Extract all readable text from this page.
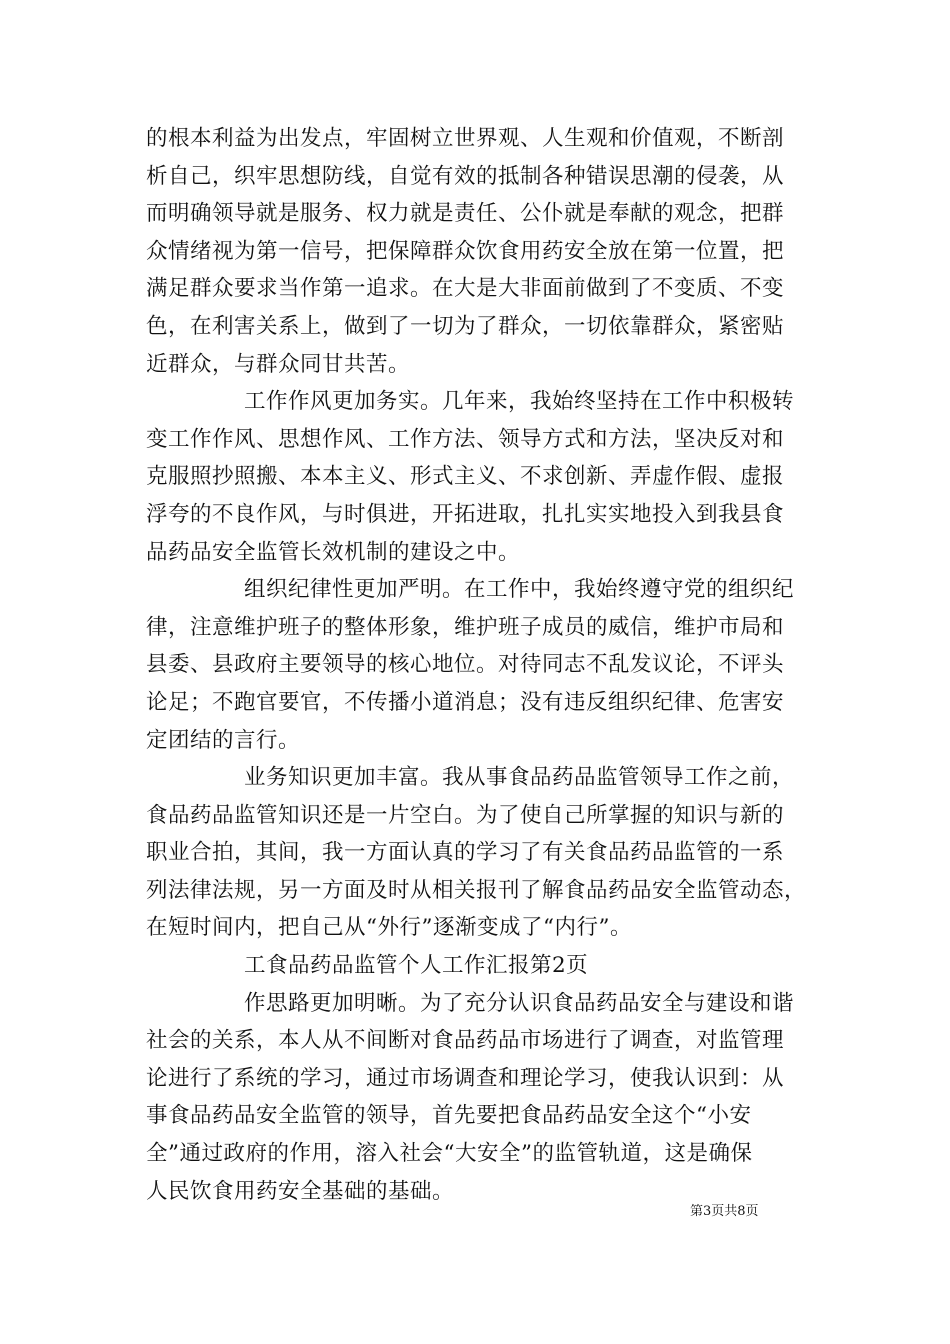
的根本利益为出发点，牢固树立世界观、人生观和价值观，不断剖
析自己，织牢思想防线，自觉有效的抵制各种错误思潮的侵袭，从
而明确领导就是服务、权力就是责任、公仆就是奉献的观念，把群
众情绪视为第一信号，把保障群众饮食用药安全放在第一位置，把
满足群众要求当作第一追求。在大是大非面前做到了不变质、不变
色，在利害关系上，做到了一切为了群众，一切依靠群众，紧密贴
近群众，与群众同甘共苦。
工作作风更加务实。几年来，我始终坚持在工作中积极转
变工作作风、思想作风、工作方法、领导方式和方法，坚决反对和
克服照抄照搬、本本主义、形式主义、不求创新、弄虚作假、虚报
浮夸的不良作风，与时俱进，开拓进取，扎扎实实地投入到我县食
品药品安全监管长效机制的建设之中。
组织纪律性更加严明。在工作中，我始终遵守党的组织纪
律，注意维护班子的整体形象，维护班子成员的威信，维护市局和
县委、县政府主要领导的核心地位。对待同志不乱发议论，不评头
论足；不跑官要官，不传播小道消息；没有违反组织纪律、危害安
定团结的言行。
业务知识更加丰富。我从事食品药品监管领导工作之前，
食品药品监管知识还是一片空白。为了使自己所掌握的知识与新的
职业合拍，其间，我一方面认真的学习了有关食品药品监管的一系
列法律法规，另一方面及时从相关报刊了解食品药品安全监管动态，
在短时间内，把自己从“外行”逐渐变成了“内行”。
工食品药品监管个人工作汇报第2页
作思路更加明晰。为了充分认识食品药品安全与建设和谐
社会的关系，本人从不间断对食品药品市场进行了调查，对监管理
论进行了系统的学习，通过市场调查和理论学习，使我认识到：从
事食品药品安全监管的领导，首先要把食品药品安全这个“小安
全”通过政府的作用，溶入社会“大安全”的监管轨道，这是确保
人民饮食用药安全基础的基础。
第3页共8页
